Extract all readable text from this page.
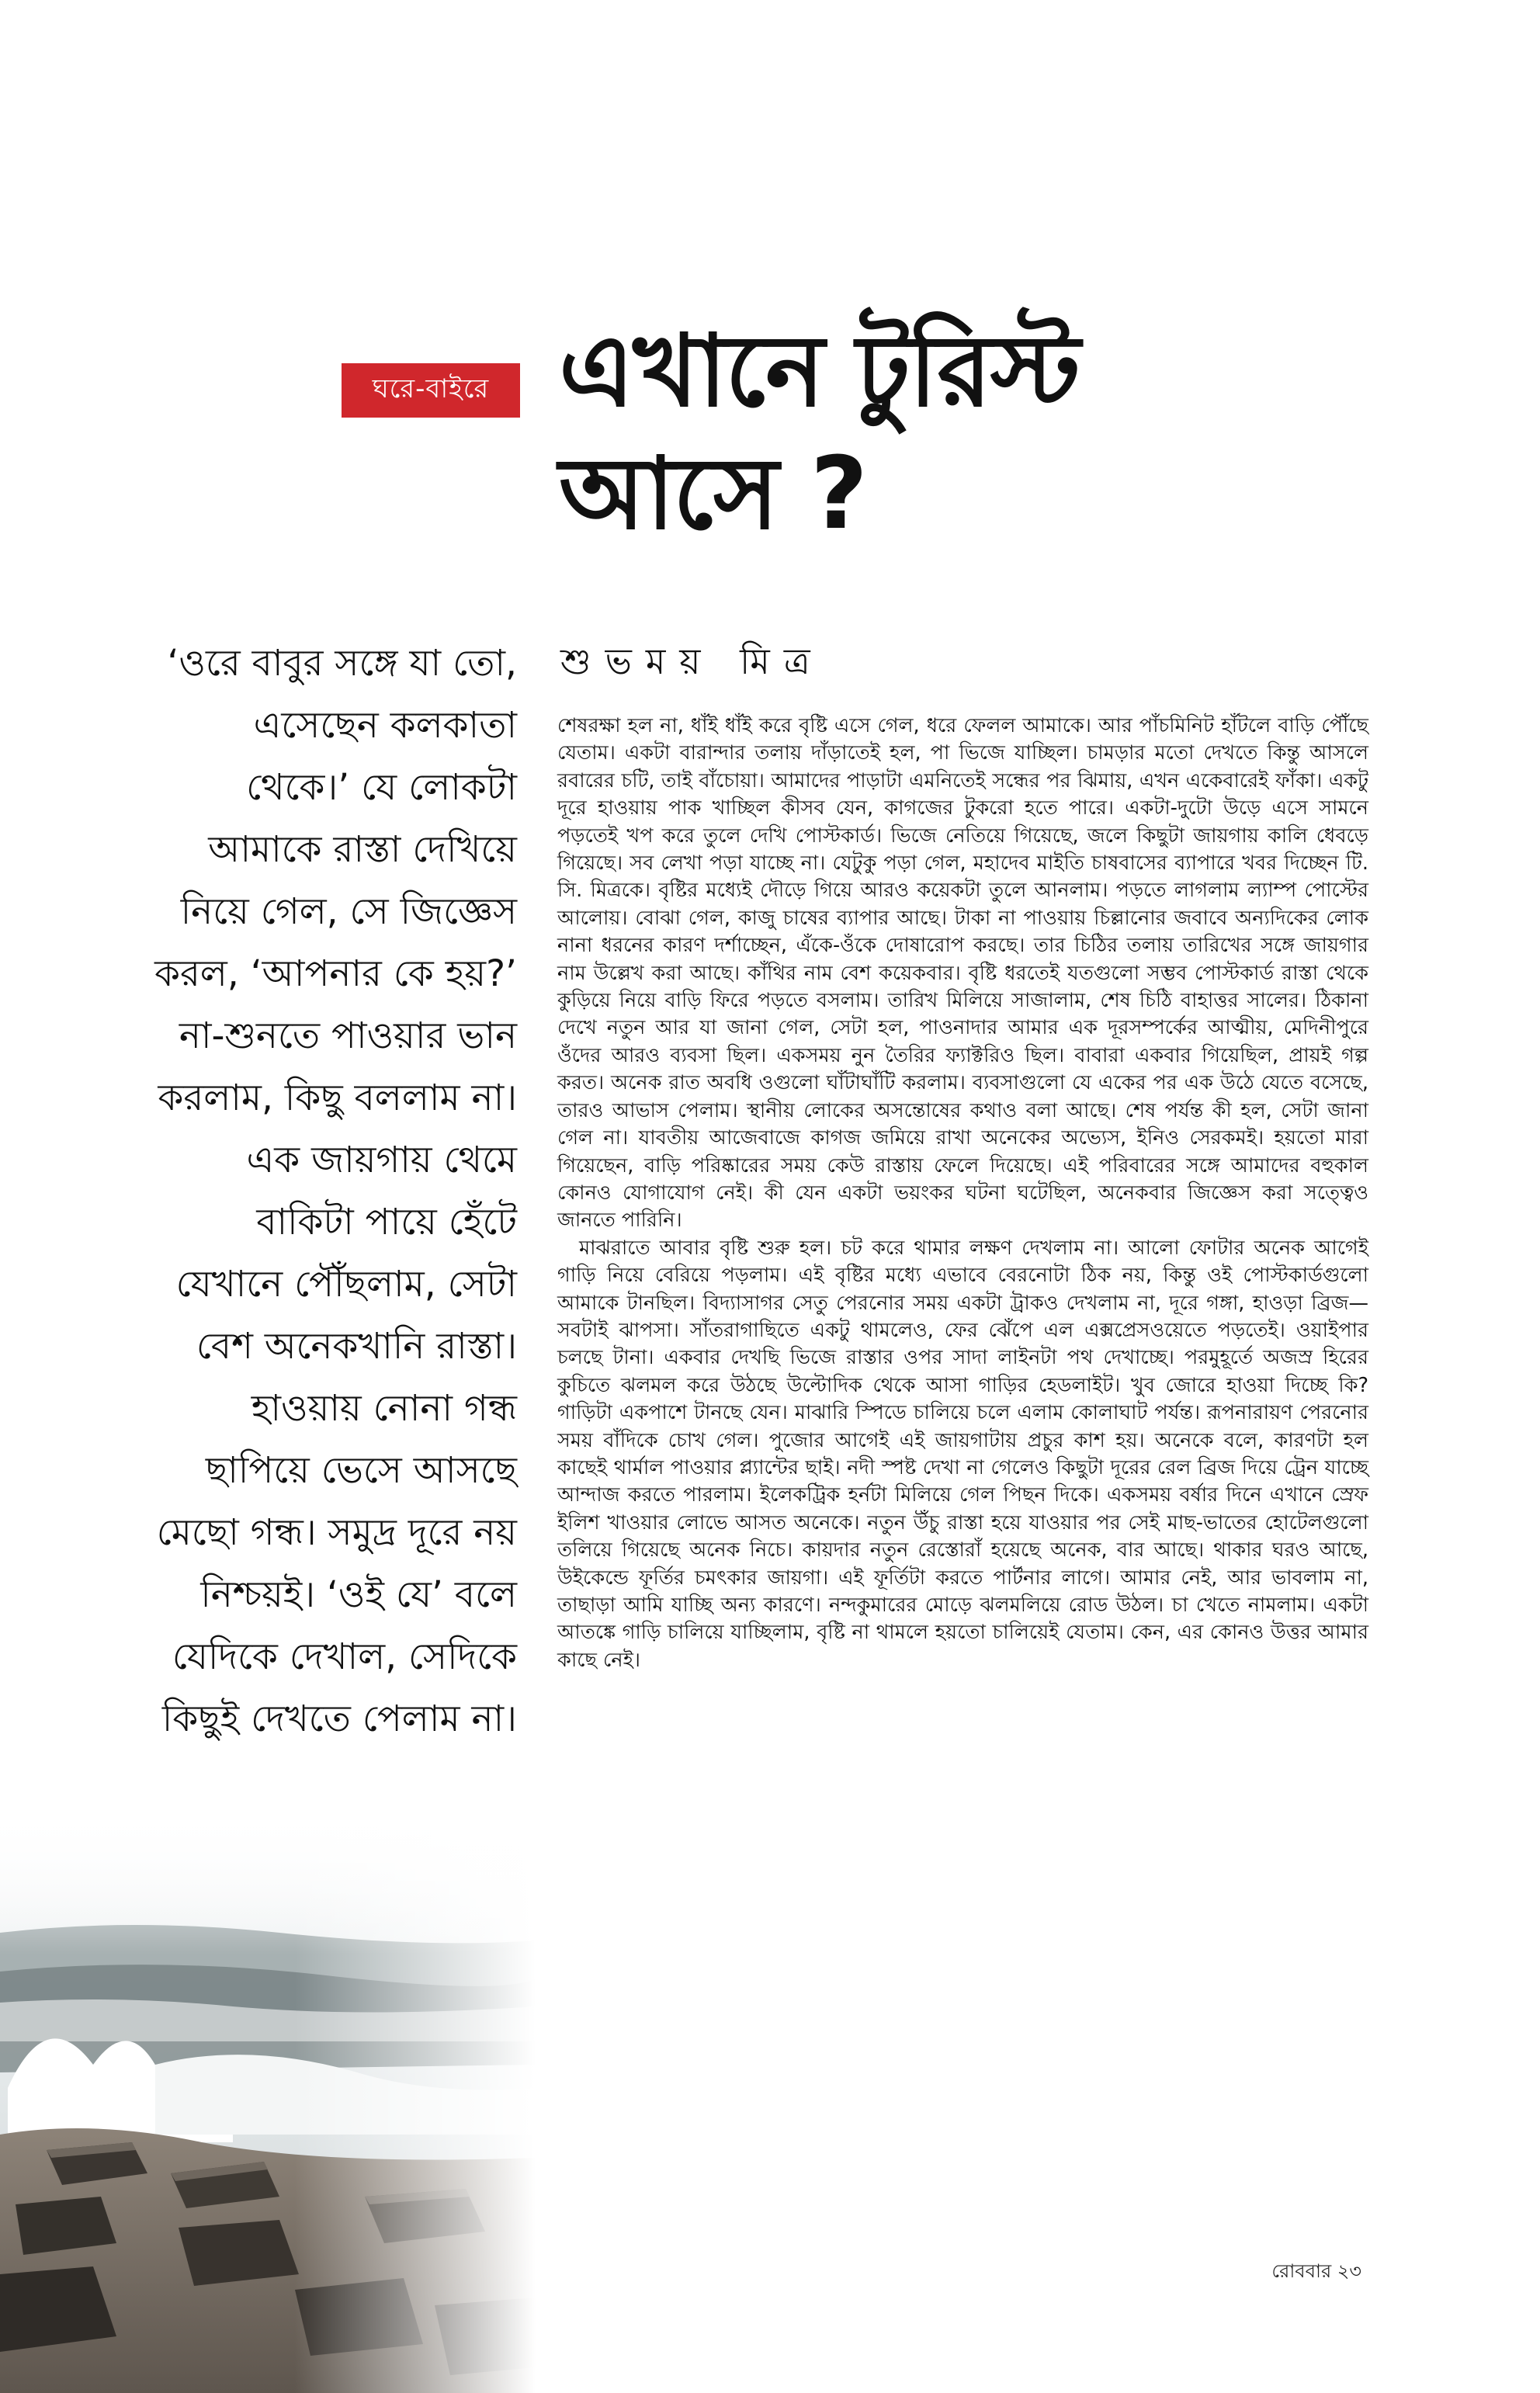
ঘরে-বাইরে এখানে টুরিস্ট
আসে ?
শুভময় মিত্র
‘ওরে বাবুর সঙ্গে যা তো, এসেছেন কলকাতা থেকে।’ যে লোকটা আমাকে রাস্তা দেখিয়ে নিয়ে গেল, সে জিজ্ঞেস করল, ‘আপনার কে হয়?’ না-শুনতে পাওয়ার ভান করলাম, কিছু বললাম না। এক জায়গায় থেমে বাকিটা পায়ে হেঁটে যেখানে পৌঁছলাম, সেটা বেশ অনেকখানি রাস্তা। হাওয়ায় নোনা গন্ধ ছাপিয়ে ভেসে আসছে মেছো গন্ধ। সমুদ্র দূরে নয় নিশ্চয়ই। ‘ওই যে’ বলে যেদিকে দেখাল, সেদিকে কিছুই দেখতে পেলাম না।

শেষরক্ষা হল না, ধাঁই ধাঁই করে বৃষ্টি এসে গেল, ধরে ফেলল আমাকে। আর পাঁচমিনিট হাঁটলে বাড়ি পৌঁছে যেতাম। একটা বারান্দার তলায় দাঁড়াতেই হল, পা ভিজে যাচ্ছিল। চামড়ার মতো দেখতে কিন্তু আসলে রবারের চটি, তাই বাঁচোয়া। আমাদের পাড়াটা এমনিতেই সন্ধের পর ঝিমায়, এখন একেবারেই ফাঁকা। একটু দূরে হাওয়ায় পাক খাচ্ছিল কীসব যেন, কাগজের টুকরো হতে পারে। একটা-দুটো উড়ে এসে সামনে পড়তেই খপ করে তুলে দেখি পোস্টকার্ড। ভিজে নেতিয়ে গিয়েছে, জলে কিছুটা জায়গায় কালি ধেবড়ে গিয়েছে। সব লেখা পড়া যাচ্ছে না। যেটুকু পড়া গেল, মহাদেব মাইতি চাষবাসের ব্যাপারে খবর দিচ্ছেন টি. সি. মিত্রকে। বৃষ্টির মধ্যেই দৌড়ে গিয়ে আরও কয়েকটা তুলে আনলাম। পড়তে লাগলাম ল্যাম্প পোস্টের আলোয়। বোঝা গেল, কাজু চাষের ব্যাপার আছে। টাকা না পাওয়ায় চিল্লানোর জবাবে অন্যদিকের লোক নানা ধরনের কারণ দর্শাচ্ছেন, এঁকে-ওঁকে দোষারোপ করছে। তার চিঠির তলায় তারিখের সঙ্গে জায়গার নাম উল্লেখ করা আছে। কাঁথির নাম বেশ কয়েকবার। বৃষ্টি ধরতেই যতগুলো সম্ভব পোস্টকার্ড রাস্তা থেকে কুড়িয়ে নিয়ে বাড়ি ফিরে পড়তে বসলাম। তারিখ মিলিয়ে সাজালাম, শেষ চিঠি বাহাত্তর সালের। ঠিকানা দেখে নতুন আর যা জানা গেল, সেটা হল, পাওনাদার আমার এক দূরসম্পর্কের আত্মীয়, মেদিনীপুরে ওঁদের আরও ব্যবসা ছিল। একসময় নুন তৈরির ফ্যাক্টরিও ছিল। বাবারা একবার গিয়েছিল, প্রায়ই গল্প করত। অনেক রাত অবধি ওগুলো ঘাঁটাঘাঁটি করলাম। ব্যবসাগুলো যে একের পর এক উঠে যেতে বসেছে, তারও আভাস পেলাম। স্থানীয় লোকের অসন্তোষের কথাও বলা আছে। শেষ পর্যন্ত কী হল, সেটা জানা গেল না। যাবতীয় আজেবাজে কাগজ জমিয়ে রাখা অনেকের অভ্যেস, ইনিও সেরকমই। হয়তো মারা গিয়েছেন, বাড়ি পরিষ্কারের সময় কেউ রাস্তায় ফেলে দিয়েছে। এই পরিবারের সঙ্গে আমাদের বহুকাল কোনও যোগাযোগ নেই। কী যেন একটা ভয়ংকর ঘটনা ঘটেছিল, অনেকবার জিজ্ঞেস করা সত্ত্বেও জানতে পারিনি।

মাঝরাতে আবার বৃষ্টি শুরু হল। চট করে থামার লক্ষণ দেখলাম না। আলো ফোটার অনেক আগেই গাড়ি নিয়ে বেরিয়ে পড়লাম। এই বৃষ্টির মধ্যে এভাবে বেরনোটা ঠিক নয়, কিন্তু ওই পোস্টকার্ডগুলো আমাকে টানছিল। বিদ্যাসাগর সেতু পেরনোর সময় একটা ট্রাকও দেখলাম না, দূরে গঙ্গা, হাওড়া ব্রিজ— সবটাই ঝাপসা। সাঁতরাগাছিতে একটু থামলেও, ফের ঝেঁপে এল এক্সপ্রেসওয়েতে পড়তেই। ওয়াইপার চলছে টানা। একবার দেখছি ভিজে রাস্তার ওপর সাদা লাইনটা পথ দেখাচ্ছে। পরমুহূর্তে অজস্র হিরের কুচিতে ঝলমল করে উঠছে উল্টোদিক থেকে আসা গাড়ির হেডলাইট। খুব জোরে হাওয়া দিচ্ছে কি? গাড়িটা একপাশে টানছে যেন। মাঝারি স্পিডে চালিয়ে চলে এলাম কোলাঘাট পর্যন্ত। রূপনারায়ণ পেরনোর সময় বাঁদিকে চোখ গেল। পুজোর আগেই এই জায়গাটায় প্রচুর কাশ হয়। অনেকে বলে, কারণটা হল কাছেই থার্মাল পাওয়ার প্ল্যান্টের ছাই। নদী স্পষ্ট দেখা না গেলেও কিছুটা দূরের রেল ব্রিজ দিয়ে ট্রেন যাচ্ছে আন্দাজ করতে পারলাম। ইলেকট্রিক হর্নটা মিলিয়ে গেল পিছন দিকে। একসময় বর্ষার দিনে এখানে স্রেফ ইলিশ খাওয়ার লোভে আসত অনেকে। নতুন উঁচু রাস্তা হয়ে যাওয়ার পর সেই মাছ-ভাতের হোটেলগুলো তলিয়ে গিয়েছে অনেক নিচে। কায়দার নতুন রেস্তোরাঁ হয়েছে অনেক, বার আছে। থাকার ঘরও আছে, উইকেন্ডে ফূর্তির চমৎকার জায়গা। এই ফূর্তিটা করতে পার্টনার লাগে। আমার নেই, আর ভাবলাম না, তাছাড়া আমি যাচ্ছি অন্য কারণে। নন্দকুমারের মোড়ে ঝলমলিয়ে রোড উঠল। চা খেতে নামলাম। একটা আতঙ্কে গাড়ি চালিয়ে যাচ্ছিলাম, বৃষ্টি না থামলে হয়তো চালিয়েই যেতাম। কেন, এর কোনও উত্তর আমার কাছে নেই।

রোববার ২৩
